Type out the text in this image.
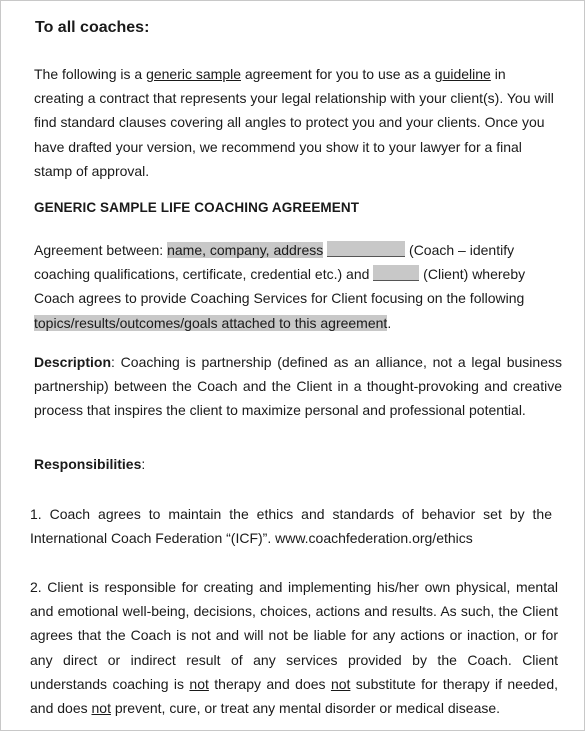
To all coaches:

The following is a generic sample agreement for you to use as a guideline in creating a contract that represents your legal relationship with your client(s). You will find standard clauses covering all angles to protect you and your clients. Once you have drafted your version, we recommend you show it to your lawyer for a final stamp of approval.

GENERIC SAMPLE LIFE COACHING AGREEMENT

Agreement between: name, company, address	(Coach – identify coaching qualifications, certificate, credential etc.) and	(Client) whereby Coach agrees to provide Coaching Services for Client focusing on the following topics/results/outcomes/goals attached to this agreement.

Description: Coaching is partnership (defined as an alliance, not a legal business partnership) between the Coach and the Client in a thought-provoking and creative process that inspires the client to maximize personal and professional potential.

Responsibilities:

1. Coach agrees to maintain the ethics and standards of behavior set by the International Coach Federation “(ICF)”. www.coachfederation.org/ethics

2. Client is responsible for creating and implementing his/her own physical, mental and emotional well-being, decisions, choices, actions and results. As such, the Client agrees that the Coach is not and will not be liable for any actions or inaction, or for any direct or indirect result of any services provided by the Coach. Client understands coaching is not therapy and does not substitute for therapy if needed, and does not prevent, cure, or treat any mental disorder or medical disease.
